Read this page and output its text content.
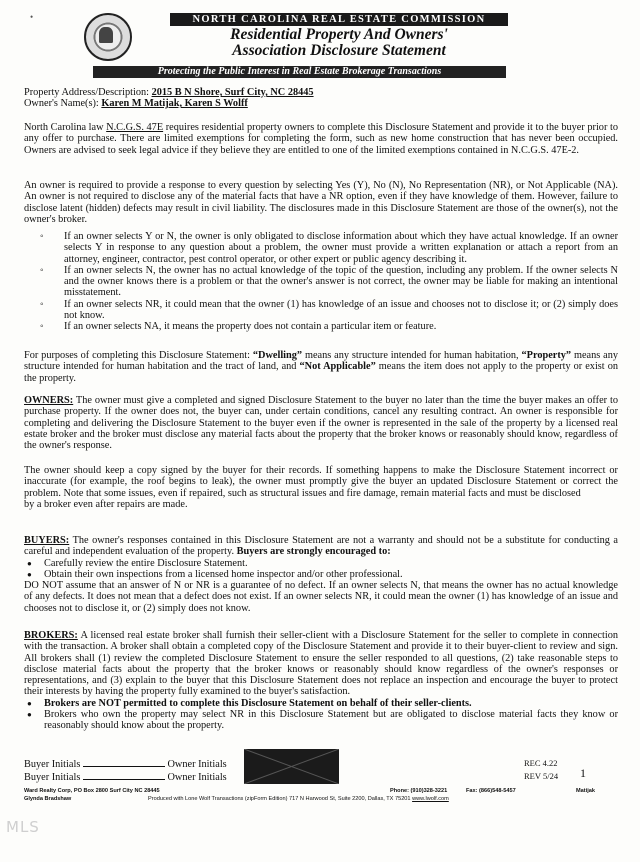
•	NORTH CAROLINA REAL ESTATE COMMISSION
Residential Property And Owners'
Association Disclosure Statement
Protecting the Public Interest in Real Estate Brokerage Transactions
Property Address/Description: 2015 B N Shore, Surf City, NC 28445
Owner's Name(s): Karen M Matijak, Karen S Wolff

North Carolina law N.C.G.S. 47E requires residential property owners to complete this Disclosure Statement and provide it to the buyer prior to any offer to purchase. There are limited exemptions for completing the form, such as new home construction that has never been occupied. Owners are advised to seek legal advice if they believe they are entitled to one of the limited exemptions contained in N.C.G.S. 47E-2.

An owner is required to provide a response to every question by selecting Yes (Y), No (N), No Representation (NR), or Not Applicable (NA). An owner is not required to disclose any of the material facts that have a NR option, even if they have knowledge of them. However, failure to disclose latent (hidden) defects may result in civil liability. The disclosures made in this Disclosure Statement are those of the owner(s), not the owner's broker.

◦ If an owner selects Y or N, the owner is only obligated to disclose information about which they have actual knowledge. If an owner selects Y in response to any question about a problem, the owner must provide a written explanation or attach a report from an attorney, engineer, contractor, pest control operator, or other expert or public agency describing it.
◦ If an owner selects N, the owner has no actual knowledge of the topic of the question, including any problem. If the owner selects N and the owner knows there is a problem or that the owner's answer is not correct, the owner may be liable for making an intentional misstatement.
◦ If an owner selects NR, it could mean that the owner (1) has knowledge of an issue and chooses not to disclose it; or (2) simply does not know.
◦ If an owner selects NA, it means the property does not contain a particular item or feature.

For purposes of completing this Disclosure Statement: “Dwelling” means any structure intended for human habitation, “Property” means any structure intended for human habitation and the tract of land, and “Not Applicable” means the item does not apply to the property or exist on the property.

OWNERS: The owner must give a completed and signed Disclosure Statement to the buyer no later than the time the buyer makes an offer to purchase property. If the owner does not, the buyer can, under certain conditions, cancel any resulting contract. An owner is responsible for completing and delivering the Disclosure Statement to the buyer even if the owner is represented in the sale of the property by a licensed real estate broker and the broker must disclose any material facts about the property that the broker knows or reasonably should know, regardless of the owner's response.

The owner should keep a copy signed by the buyer for their records. If something happens to make the Disclosure Statement incorrect or inaccurate (for example, the roof begins to leak), the owner must promptly give the buyer an updated Disclosure Statement or correct the problem. Note that some issues, even if repaired, such as structural issues and fire damage, remain material facts and must be disclosed

by a broker even after repairs are made.

BUYERS: The owner's responses contained in this Disclosure Statement are not a warranty and should not be a substitute for conducting a careful and independent evaluation of the property. Buyers are strongly encouraged to:

● Carefully review the entire Disclosure Statement.
● Obtain their own inspections from a licensed home inspector and/or other professional.

DO NOT assume that an answer of N or NR is a guarantee of no defect. If an owner selects N, that means the owner has no actual knowledge of any defects. It does not mean that a defect does not exist. If an owner selects NR, it could mean the owner (1) has knowledge of an issue and chooses not to disclose it, or (2) simply does not know.

BROKERS: A licensed real estate broker shall furnish their seller-client with a Disclosure Statement for the seller to complete in connection with the transaction. A broker shall obtain a completed copy of the Disclosure Statement and provide it to their buyer-client to review and sign. All brokers shall (1) review the completed Disclosure Statement to ensure the seller responded to all questions, (2) take reasonable steps to disclose material facts about the property that the broker knows or reasonably should know regardless of the owner's responses or representations, and (3) explain to the buyer that this Disclosure Statement does not replace an inspection and encourage the buyer to protect their interests by having the property fully examined to the buyer's satisfaction.

● Brokers are NOT permitted to complete this Disclosure Statement on behalf of their seller-clients.
● Brokers who own the property may select NR in this Disclosure Statement but are obligated to disclose material facts they know or reasonably should know about the property.
Buyer Initials	Owner Initials
Buyer Initials	Owner Initials
REC 4.22
REV 5/24 1
Ward Realty Corp, PO Box 2800 Surf City NC 28445
Glynda Bradshaw
Phone: (910)328-3221	Fax: (866)548-5457	Matijak
Produced with Lone Wolf Transactions (zipForm Edition) 717 N Harwood St, Suite 2200, Dallas, TX 75201 www.lwolf.com
MLS
